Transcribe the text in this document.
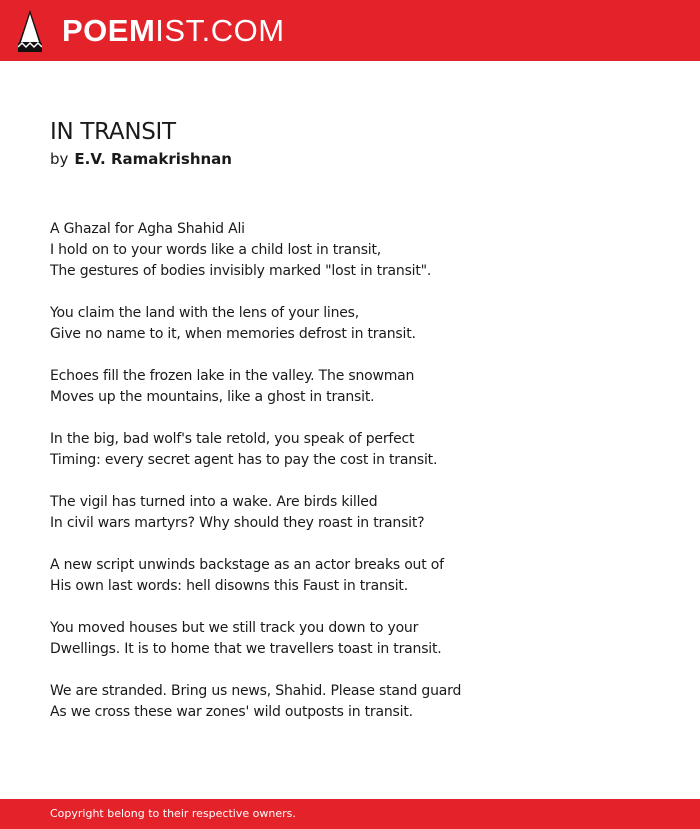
POEMIST.COM
IN TRANSIT
by E.V. Ramakrishnan
A Ghazal for Agha Shahid Ali
I hold on to your words like a child lost in transit,
The gestures of bodies invisibly marked "lost in transit".
You claim the land with the lens of your lines,
Give no name to it, when memories defrost in transit.
Echoes fill the frozen lake in the valley. The snowman
Moves up the mountains, like a ghost in transit.
In the big, bad wolf's tale retold, you speak of perfect
Timing: every secret agent has to pay the cost in transit.
The vigil has turned into a wake. Are birds killed
In civil wars martyrs? Why should they roast in transit?
A new script unwinds backstage as an actor breaks out of
His own last words: hell disowns this Faust in transit.
You moved houses but we still track you down to your
Dwellings. It is to home that we travellers toast in transit.
We are stranded. Bring us news, Shahid. Please stand guard
As we cross these war zones' wild outposts in transit.
Copyright belong to their respective owners.
